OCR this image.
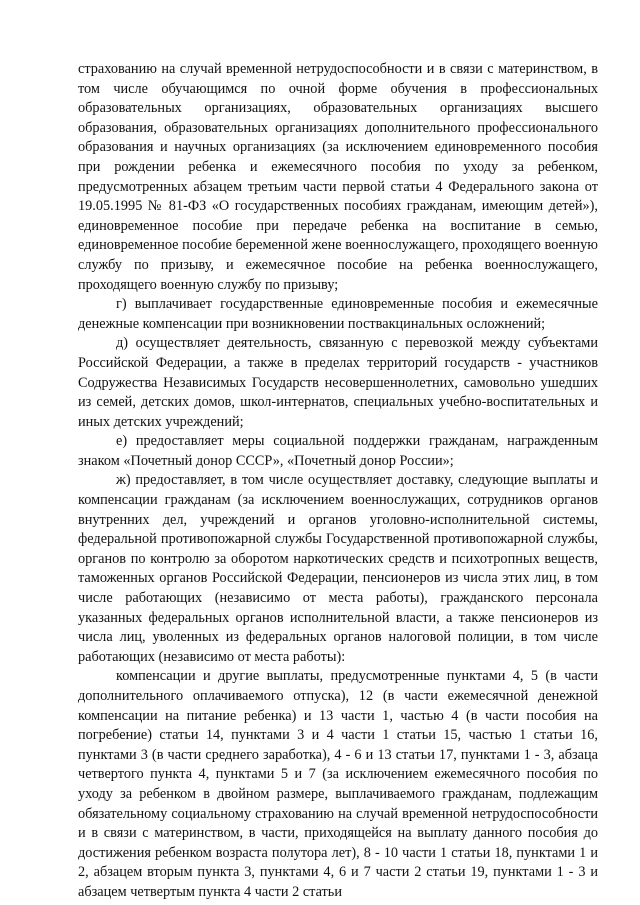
страхованию на случай временной нетрудоспособности и в связи с материнством, в том числе обучающимся по очной форме обучения в профессиональных образовательных организациях, образовательных организациях высшего образования, образовательных организациях дополнительного профессионального образования и научных организациях (за исключением единовременного пособия при рождении ребенка и ежемесячного пособия по уходу за ребенком, предусмотренных абзацем третьим части первой статьи 4 Федерального закона от 19.05.1995 № 81-ФЗ «О государственных пособиях гражданам, имеющим детей»), единовременное пособие при передаче ребенка на воспитание в семью, единовременное пособие беременной жене военнослужащего, проходящего военную службу по призыву, и ежемесячное пособие на ребенка военнослужащего, проходящего военную службу по призыву;

г) выплачивает государственные единовременные пособия и ежемесячные денежные компенсации при возникновении поствакцинальных осложнений;

д) осуществляет деятельность, связанную с перевозкой между субъектами Российской Федерации, а также в пределах территорий государств - участников Содружества Независимых Государств несовершеннолетних, самовольно ушедших из семей, детских домов, школ-интернатов, специальных учебно-воспитательных и иных детских учреждений;

е) предоставляет меры социальной поддержки гражданам, награжденным знаком «Почетный донор СССР», «Почетный донор России»;

ж) предоставляет, в том числе осуществляет доставку, следующие выплаты и компенсации гражданам (за исключением военнослужащих, сотрудников органов внутренних дел, учреждений и органов уголовно-исполнительной системы, федеральной противопожарной службы Государственной противопожарной службы, органов по контролю за оборотом наркотических средств и психотропных веществ, таможенных органов Российской Федерации, пенсионеров из числа этих лиц, в том числе работающих (независимо от места работы), гражданского персонала указанных федеральных органов исполнительной власти, а также пенсионеров из числа лиц, уволенных из федеральных органов налоговой полиции, в том числе работающих (независимо от места работы):

компенсации и другие выплаты, предусмотренные пунктами 4, 5 (в части дополнительного оплачиваемого отпуска), 12 (в части ежемесячной денежной компенсации на питание ребенка) и 13 части 1, частью 4 (в части пособия на погребение) статьи 14, пунктами 3 и 4 части 1 статьи 15, частью 1 статьи 16, пунктами 3 (в части среднего заработка), 4 - 6 и 13 статьи 17, пунктами 1 - 3, абзаца четвертого пункта 4, пунктами 5 и 7 (за исключением ежемесячного пособия по уходу за ребенком в двойном размере, выплачиваемого гражданам, подлежащим обязательному социальному страхованию на случай временной нетрудоспособности и в связи с материнством, в части, приходящейся на выплату данного пособия до достижения ребенком возраста полутора лет), 8 - 10 части 1 статьи 18, пунктами 1 и 2, абзацем вторым пункта 3, пунктами 4, 6 и 7 части 2 статьи 19, пунктами 1 - 3 и абзацем четвертым пункта 4 части 2 статьи
